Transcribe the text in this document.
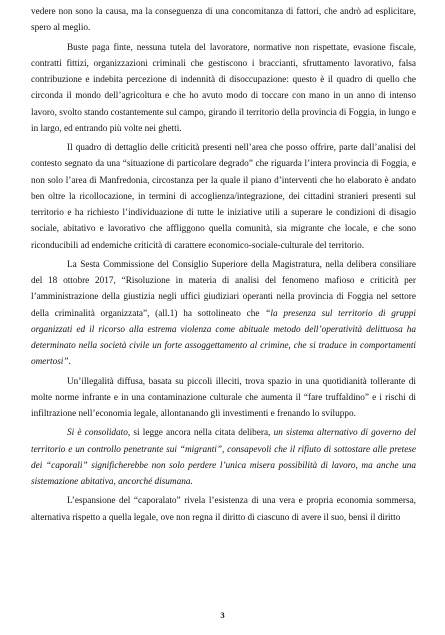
vedere non sono la causa, ma la conseguenza di una concomitanza di fattori, che andrò ad esplicitare, spero al meglio.

Buste paga finte, nessuna tutela del lavoratore, normative non rispettate, evasione fiscale, contratti fittizi, organizzazioni criminali che gestiscono i braccianti, sfruttamento lavorativo, falsa contribuzione e indebita percezione di indennità di disoccupazione: questo è il quadro di quello che circonda il mondo dell’agricoltura e che ho avuto modo di toccare con mano in un anno di intenso lavoro, svolto stando costantemente sul campo, girando il territorio della provincia di Foggia, in lungo e in largo, ed entrando più volte nei ghetti.

Il quadro di dettaglio delle criticità presenti nell’area che posso offrire, parte dall’analisi del contesto segnato da una “situazione di particolare degrado” che riguarda l’intera provincia di Foggia, e non solo l’area di Manfredonia, circostanza per la quale il piano d’interventi che ho elaborato è andato ben oltre la ricollocazione, in termini di accoglienza/integrazione, dei cittadini stranieri presenti sul territorio e ha richiesto l’individuazione di tutte le iniziative utili a superare le condizioni di disagio sociale, abitativo e lavorativo che affliggono quella comunità, sia migrante che locale, e che sono riconducibili ad endemiche criticità di carattere economico-sociale-culturale del territorio.

La Sesta Commissione del Consiglio Superiore della Magistratura, nella delibera consiliare del 18 ottobre 2017, “Risoluzione in materia di analisi del fenomeno mafioso e criticità per l’amministrazione della giustizia negli uffici giudiziari operanti nella provincia di Foggia nel settore della criminalità organizzata”, (all.1) ha sottolineato che “la presenza sul territorio di gruppi organizzati ed il ricorso alla estrema violenza come abituale metodo dell’operatività delittuosa ha determinato nella società civile un forte assoggettamento al crimine, che si traduce in comportamenti omertosi”.

Un’illegalità diffusa, basata su piccoli illeciti, trova spazio in una quotidianità tollerante di molte norme infrante e in una contaminazione culturale che aumenta il “fare truffaldino” e i rischi di infiltrazione nell’economia legale, allontanando gli investimenti e frenando lo sviluppo.

Si è consolidato, si legge ancora nella citata delibera, un sistema alternativo di governo del territorio e un controllo penetrante sui “migranti”, consapevoli che il rifiuto di sottostare alle pretese dei “caporali” significherebbe non solo perdere l’unica misera possibilità di lavoro, ma anche una sistemazione abitativa, ancorché disumana.

L’espansione del “caporalato” rivela l’esistenza di una vera e propria economia sommersa, alternativa rispetto a quella legale, ove non regna il diritto di ciascuno di avere il suo, bensì il diritto

3
